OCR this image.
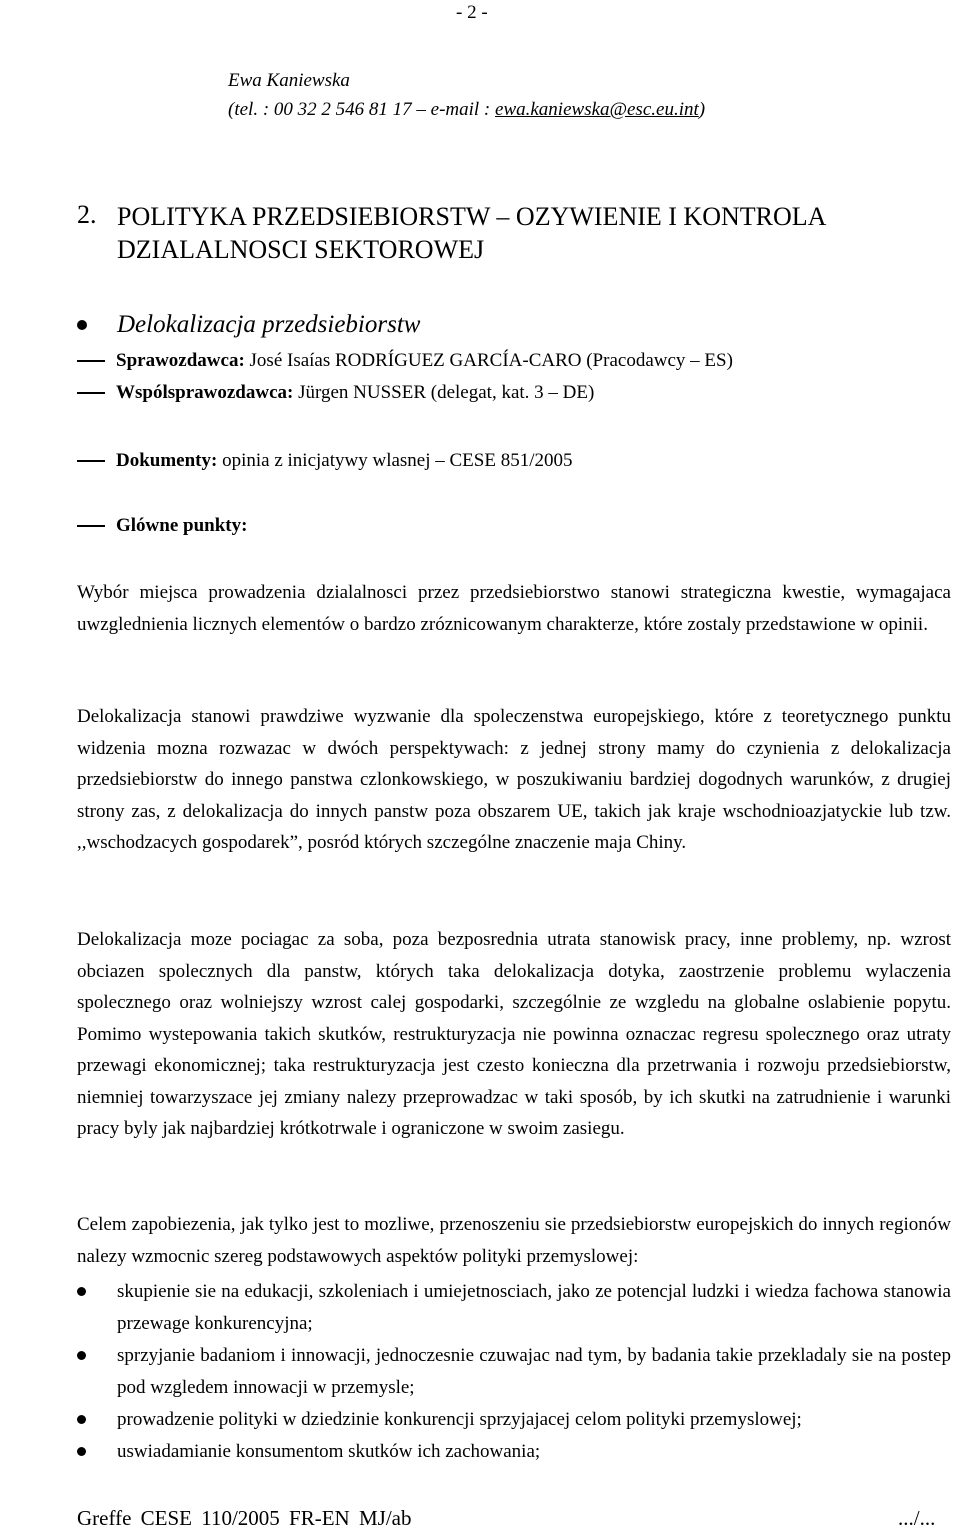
- 2 -
Ewa Kaniewska
(tel. : 00 32 2 546 81 17 – e-mail : ewa.kaniewska@esc.eu.int)
2. POLITYKA PRZEDSIEBIORSTW – OZYWIENIE I KONTROLA DZIALALNOSCI SEKTOROWEJ
Delokalizacja przedsiebiorstw
Sprawozdawca:
José Isaías RODRÍGUEZ GARCÍA-CARO (Pracodawcy – ES)
Wspólsprawozdawca:
Jürgen NUSSER (delegat, kat. 3 – DE)
Dokumenty:
opinia z inicjatywy wlasnej – CESE 851/2005
Glówne punkty:
Wybór miejsca prowadzenia dzialalnosci przez przedsiebiorstwo stanowi strategiczna kwestie, wymagajaca uwzglednienia licznych elementów o bardzo zróznicowanym charakterze, które zostaly przedstawione w opinii.
Delokalizacja stanowi prawdziwe wyzwanie dla spoleczenstwa europejskiego, które z teoretycznego punktu widzenia mozna rozwazac w dwóch perspektywach: z jednej strony mamy do czynienia z delokalizacja przedsiebiorstw do innego panstwa czlonkowskiego, w poszukiwaniu bardziej dogodnych warunków, z drugiej strony zas, z delokalizacja do innych panstw poza obszarem UE, takich jak kraje wschodnioazjatyckie lub tzw. ,,wschodzacych gospodarek”, posród których szczególne znaczenie maja Chiny.
Delokalizacja moze pociagac za soba, poza bezposrednia utrata stanowisk pracy, inne problemy, np. wzrost obciazen spolecznych dla panstw, których taka delokalizacja dotyka, zaostrzenie problemu wylaczenia spolecznego oraz wolniejszy wzrost calej gospodarki, szczególnie ze wzgledu na globalne oslabienie popytu. Pomimo wystepowania takich skutków, restrukturyzacja nie powinna oznaczac regresu spolecznego oraz utraty przewagi ekonomicznej; taka restrukturyzacja jest czesto konieczna dla przetrwania i rozwoju przedsiebiorstw, niemniej towarzyszace jej zmiany nalezy przeprowadzac w taki sposób, by ich skutki na zatrudnienie i warunki pracy byly jak najbardziej krótkotrwale i ograniczone w swoim zasiegu.
Celem zapobiezenia, jak tylko jest to mozliwe, przenoszeniu sie przedsiebiorstw europejskich do innych regionów nalezy wzmocnic szereg podstawowych aspektów polityki przemyslowej:
skupienie sie na edukacji, szkoleniach i umiejetnosciach, jako ze potencjal ludzki i wiedza fachowa stanowia przewage konkurencyjna;
sprzyjanie badaniom i innowacji, jednoczesnie czuwajac nad tym, by badania takie przekladaly sie na postep pod wzgledem innowacji w przemysle;
prowadzenie polityki w dziedzinie konkurencji sprzyjajacej celom polityki przemyslowej;
uswiadamianie konsumentom skutków ich zachowania;
Greffe CESE 110/2005 FR-EN MJ/ab	.../...
